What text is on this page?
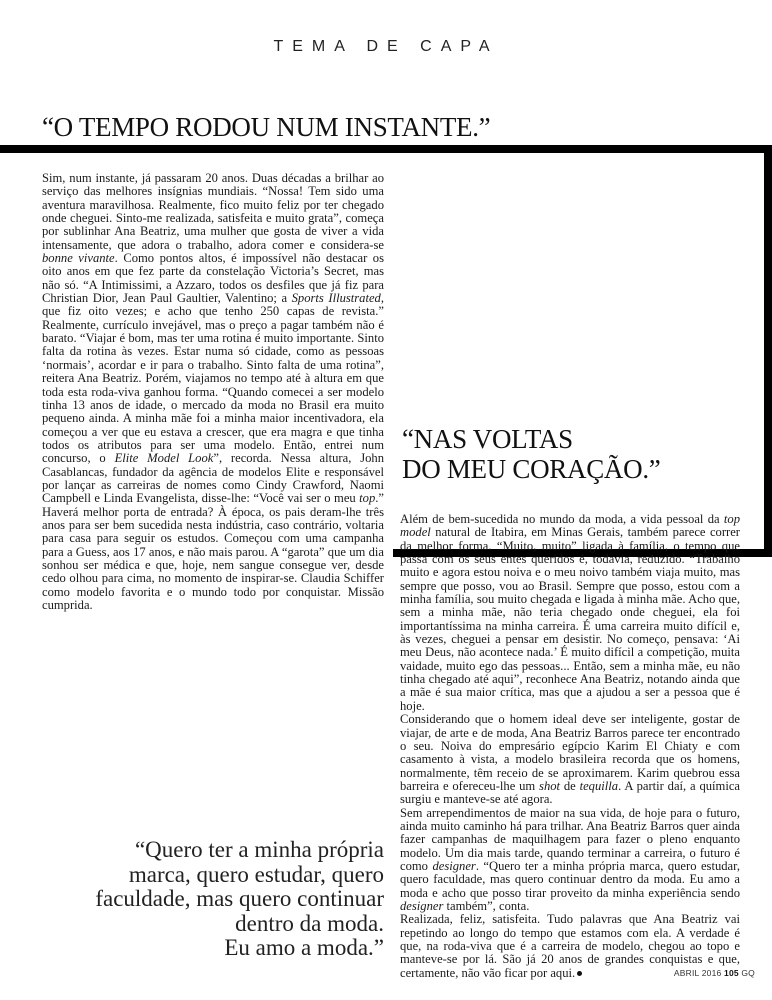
TEMA DE CAPA
“O TEMPO RODOU NUM INSTANTE.”

Sim, num instante, já passaram 20 anos. Duas décadas a brilhar ao serviço das melhores insígnias mundiais. “Nossa! Tem sido uma aventura maravilhosa. Realmente, fico muito feliz por ter chegado onde cheguei. Sinto-me realizada, satisfeita e muito grata”, começa por sublinhar Ana Beatriz, uma mulher que gosta de viver a vida intensamente, que adora o trabalho, adora comer e considera-se bonne vivante. Como pontos altos, é impossível não destacar os oito anos em que fez parte da constelação Victoria’s Secret, mas não só. “A Intimissimi, a Azzaro, todos os desfiles que já fiz para Christian Dior, Jean Paul Gaultier, Valentino; a Sports Illustrated, que fiz oito vezes; e acho que tenho 250 capas de revista.” Realmente, currículo invejável, mas o preço a pagar também não é barato. “Viajar é bom, mas ter uma rotina é muito importante. Sinto falta da rotina às vezes. Estar numa só cidade, como as pessoas ‘normais’, acordar e ir para o trabalho. Sinto falta de uma rotina”, reitera Ana Beatriz. Porém, viajamos no tempo até à altura em que toda esta roda-viva ganhou forma. “Quando comecei a ser modelo tinha 13 anos de idade, o mercado da moda no Brasil era muito pequeno ainda. A minha mãe foi a minha maior incentivadora, ela começou a ver que eu estava a crescer, que era magra e que tinha todos os atributos para ser uma modelo. Então, entrei num concurso, o Elite Model Look”, recorda. Nessa altura, John Casablancas, fundador da agência de modelos Elite e responsável por lançar as carreiras de nomes como Cindy Crawford, Naomi Campbell e Linda Evangelista, disse-lhe: “Você vai ser o meu top.” Haverá melhor porta de entrada? À época, os pais deram-lhe três anos para ser bem sucedida nesta indústria, caso contrário, voltaria para casa para seguir os estudos. Começou com uma campanha para a Guess, aos 17 anos, e não mais parou. A “garota” que um dia sonhou ser médica e que, hoje, nem sangue consegue ver, desde cedo olhou para cima, no momento de inspirar-se. Claudia Schiffer como modelo favorita e o mundo todo por conquistar. Missão cumprida.

“NAS VOLTAS
DO MEU CORAÇÃO.”

Além de bem-sucedida no mundo da moda, a vida pessoal da top model natural de Itabira, em Minas Gerais, também parece correr da melhor forma. “Muito, muito” ligada à família, o tempo que passa com os seus entes queridos é, todavia, reduzido. “Trabalho muito e agora estou noiva e o meu noivo também viaja muito, mas sempre que posso, vou ao Brasil. Sempre que posso, estou com a minha família, sou muito chegada e ligada à minha mãe. Acho que, sem a minha mãe, não teria chegado onde cheguei, ela foi importantíssima na minha carreira. É uma carreira muito difícil e, às vezes, cheguei a pensar em desistir. No começo, pensava: ‘Ai meu Deus, não acontece nada.’ É muito difícil a competição, muita vaidade, muito ego das pessoas... Então, sem a minha mãe, eu não tinha chegado até aqui”, reconhece Ana Beatriz, notando ainda que a mãe é sua maior crítica, mas que a ajudou a ser a pessoa que é hoje.

Considerando que o homem ideal deve ser inteligente, gostar de viajar, de arte e de moda, Ana Beatriz Barros parece ter encontrado o seu. Noiva do empresário egípcio Karim El Chiaty e com casamento à vista, a modelo brasileira recorda que os homens, normalmente, têm receio de se aproximarem. Karim quebrou essa barreira e ofereceu-lhe um shot de tequilla. A partir daí, a química surgiu e manteve-se até agora.

Sem arrependimentos de maior na sua vida, de hoje para o futuro, ainda muito caminho há para trilhar. Ana Beatriz Barros quer ainda fazer campanhas de maquilhagem para fazer o pleno enquanto modelo. Um dia mais tarde, quando terminar a carreira, o futuro é como designer. “Quero ter a minha própria marca, quero estudar, quero faculdade, mas quero continuar dentro da moda. Eu amo a moda e acho que posso tirar proveito da minha experiência sendo designer também”, conta.

Realizada, feliz, satisfeita. Tudo palavras que Ana Beatriz vai repetindo ao longo do tempo que estamos com ela. A verdade é que, na roda-viva que é a carreira de modelo, chegou ao topo e manteve-se por lá. São já 20 anos de grandes conquistas e que, certamente, não vão ficar por aqui.

“Quero ter a minha própria
marca, quero estudar, quero
faculdade, mas quero continuar
dentro da moda.
Eu amo a moda.”
ABRIL 2016 105 GQ
